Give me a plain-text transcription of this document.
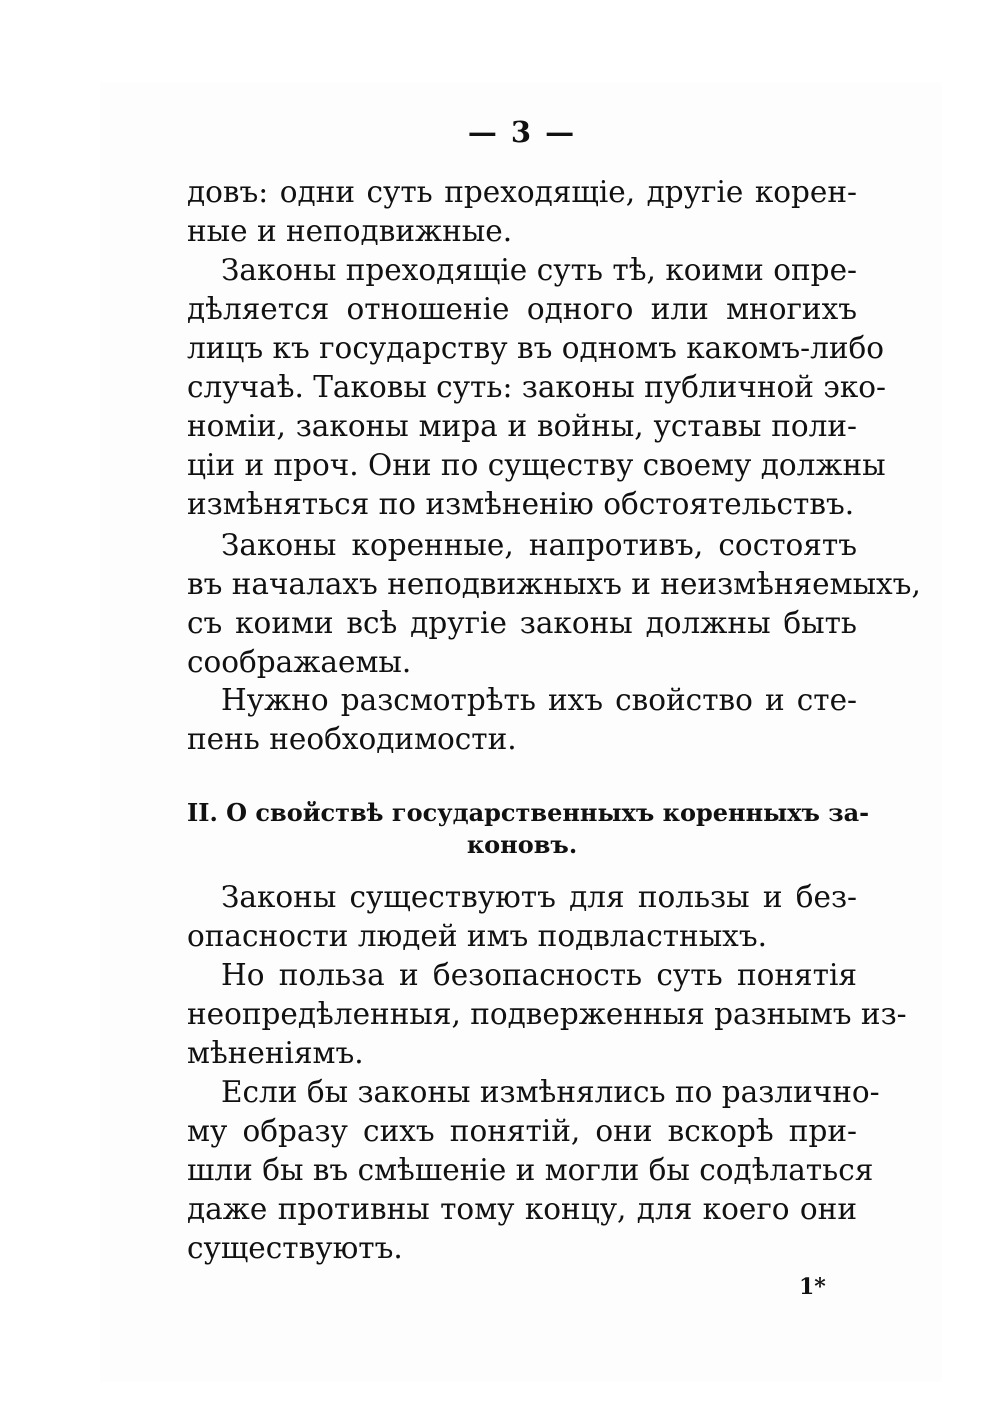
— 3 —
довъ: одни суть преходящіе, другіе корен-
ные и неподвижные.
Законы преходящіе суть тѣ, коими опре-
дѣляется отношеніе одного или многихъ
лицъ къ государству въ одномъ какомъ-либо
случаѣ. Таковы суть: законы публичной эко-
номіи, законы мира и войны, уставы поли-
ціи и проч. Они по существу своему должны
измѣняться по измѣненію обстоятельствъ.
Законы коренные, напротивъ, состоятъ
въ началахъ неподвижныхъ и неизмѣняемыхъ,
съ коими всѣ другіе законы должны быть
соображаемы.
Нужно разсмотрѣть ихъ свойство и сте-
пень необходимости.
II. О свойствѣ государственныхъ коренныхъ за-
коновъ.
Законы существуютъ для пользы и без-
опасности людей имъ подвластныхъ.
Но польза и безопасность суть понятія
неопредѣленныя, подверженныя разнымъ из-
мѣненіямъ.
Если бы законы измѣнялись по различно-
му образу сихъ понятій, они вскорѣ при-
шли бы въ смѣшеніе и могли бы содѣлаться
даже противны тому концу, для коего они
существуютъ.
1*
